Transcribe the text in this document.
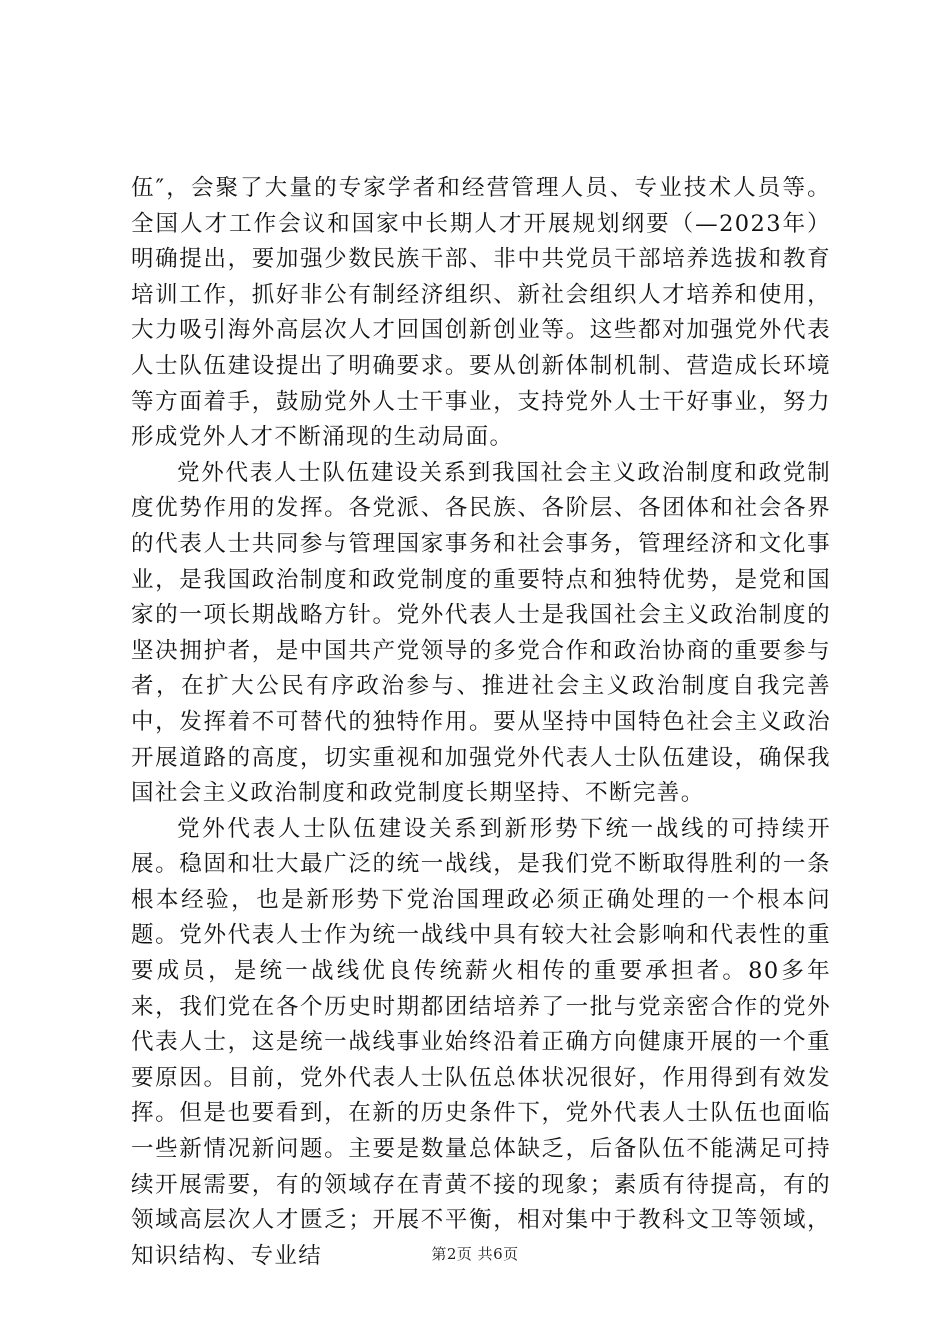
伍″，会聚了大量的专家学者和经营管理人员、专业技术人员等。全国人才工作会议和国家中长期人才开展规划纲要（—2023年）明确提出，要加强少数民族干部、非中共党员干部培养选拔和教育培训工作，抓好非公有制经济组织、新社会组织人才培养和使用，大力吸引海外高层次人才回国创新创业等。这些都对加强党外代表人士队伍建设提出了明确要求。要从创新体制机制、营造成长环境等方面着手，鼓励党外人士干事业，支持党外人士干好事业，努力形成党外人才不断涌现的生动局面。

党外代表人士队伍建设关系到我国社会主义政治制度和政党制度优势作用的发挥。各党派、各民族、各阶层、各团体和社会各界的代表人士共同参与管理国家事务和社会事务，管理经济和文化事业，是我国政治制度和政党制度的重要特点和独特优势，是党和国家的一项长期战略方针。党外代表人士是我国社会主义政治制度的坚决拥护者，是中国共产党领导的多党合作和政治协商的重要参与者，在扩大公民有序政治参与、推进社会主义政治制度自我完善中，发挥着不可替代的独特作用。要从坚持中国特色社会主义政治开展道路的高度，切实重视和加强党外代表人士队伍建设，确保我国社会主义政治制度和政党制度长期坚持、不断完善。

党外代表人士队伍建设关系到新形势下统一战线的可持续开展。稳固和壮大最广泛的统一战线，是我们党不断取得胜利的一条根本经验，也是新形势下党治国理政必须正确处理的一个根本问题。党外代表人士作为统一战线中具有较大社会影响和代表性的重要成员，是统一战线优良传统薪火相传的重要承担者。80多年来，我们党在各个历史时期都团结培养了一批与党亲密合作的党外代表人士，这是统一战线事业始终沿着正确方向健康开展的一个重要原因。目前，党外代表人士队伍总体状况很好，作用得到有效发挥。但是也要看到，在新的历史条件下，党外代表人士队伍也面临一些新情况新问题。主要是数量总体缺乏，后备队伍不能满足可持续开展需要，有的领域存在青黄不接的现象；素质有待提高，有的领域高层次人才匮乏；开展不平衡，相对集中于教科文卫等领域，知识结构、专业结	第2页 共6页
